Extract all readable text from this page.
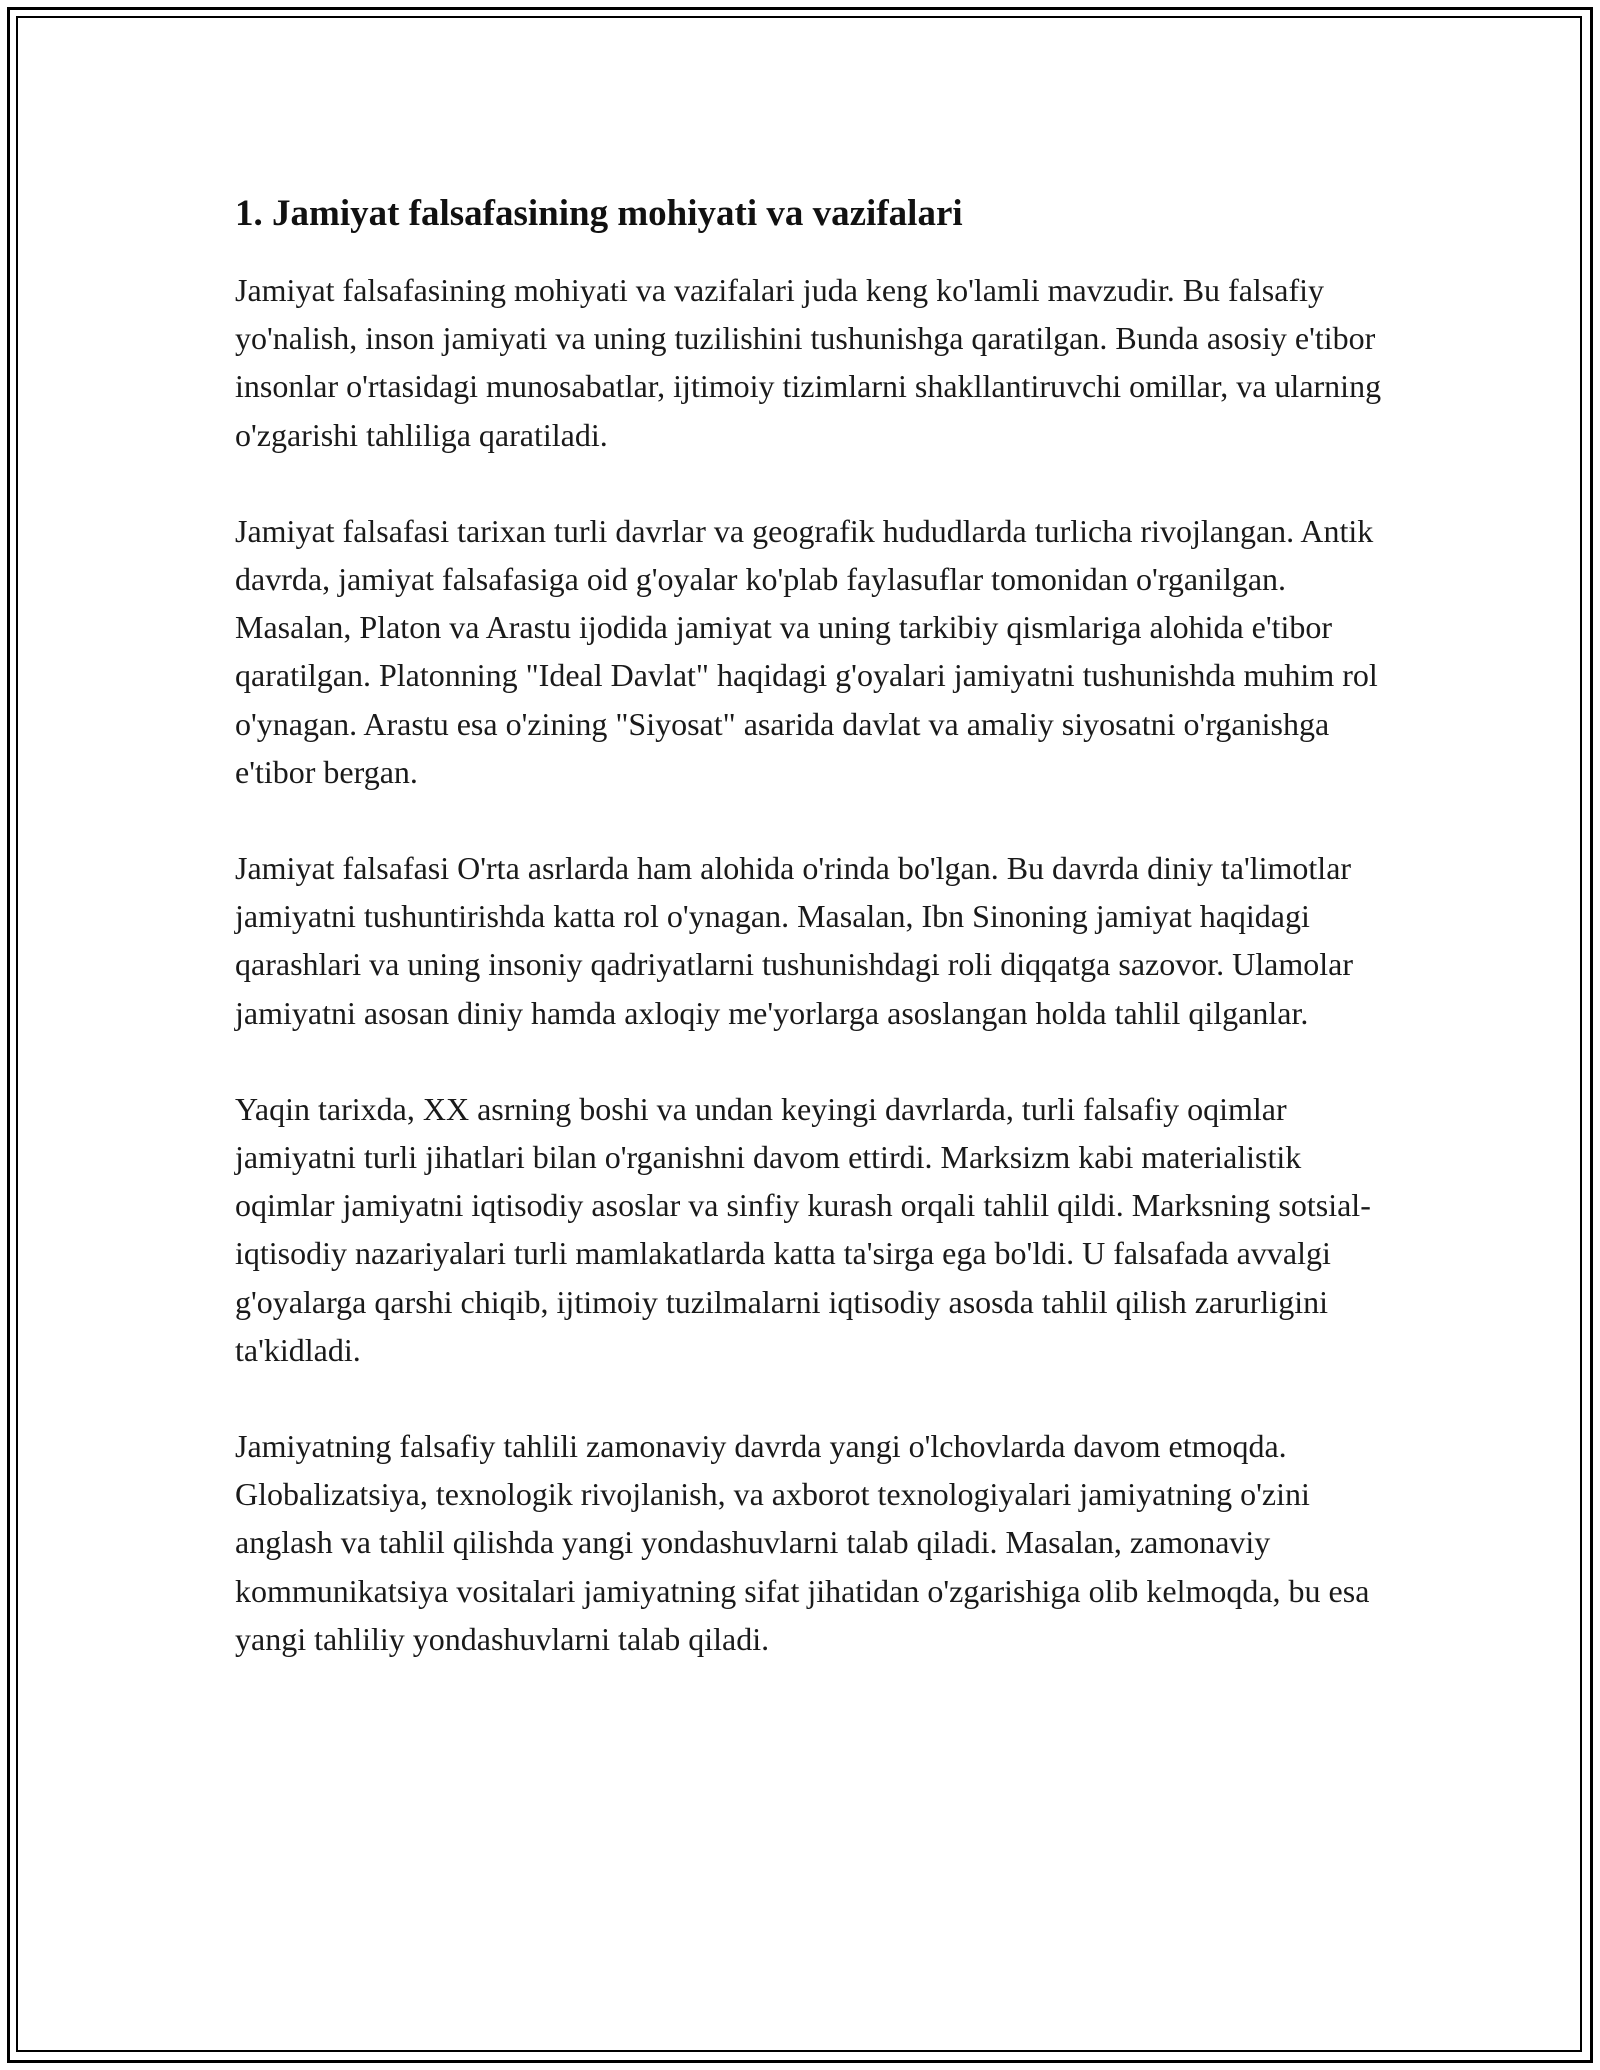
1. Jamiyat falsafasining mohiyati va vazifalari

Jamiyat falsafasining mohiyati va vazifalari juda keng ko'lamli mavzudir. Bu falsafiy yo'nalish, inson jamiyati va uning tuzilishini tushunishga qaratilgan. Bunda asosiy e'tibor insonlar o'rtasidagi munosabatlar, ijtimoiy tizimlarni shakllantiruvchi omillar, va ularning o'zgarishi tahliliga qaratiladi.

Jamiyat falsafasi tarixan turli davrlar va geografik hududlarda turlicha rivojlangan. Antik davrda, jamiyat falsafasiga oid g'oyalar ko'plab faylasuflar tomonidan o'rganilgan. Masalan, Platon va Arastu ijodida jamiyat va uning tarkibiy qismlariga alohida e'tibor qaratilgan. Platonning "Ideal Davlat" haqidagi g'oyalari jamiyatni tushunishda muhim rol o'ynagan. Arastu esa o'zining "Siyosat" asarida davlat va amaliy siyosatni o'rganishga e'tibor bergan.

Jamiyat falsafasi O'rta asrlarda ham alohida o'rinda bo'lgan. Bu davrda diniy ta'limotlar jamiyatni tushuntirishda katta rol o'ynagan. Masalan, Ibn Sinoning jamiyat haqidagi qarashlari va uning insoniy qadriyatlarni tushunishdagi roli diqqatga sazovor. Ulamolar jamiyatni asosan diniy hamda axloqiy me'yorlarga asoslangan holda tahlil qilganlar.

Yaqin tarixda, XX asrning boshi va undan keyingi davrlarda, turli falsafiy oqimlar jamiyatni turli jihatlari bilan o'rganishni davom ettirdi. Marksizm kabi materialistik oqimlar jamiyatni iqtisodiy asoslar va sinfiy kurash orqali tahlil qildi. Marksning sotsial-iqtisodiy nazariyalari turli mamlakatlarda katta ta'sirga ega bo'ldi. U falsafada avvalgi g'oyalarga qarshi chiqib, ijtimoiy tuzilmalarni iqtisodiy asosda tahlil qilish zarurligini ta'kidladi.

Jamiyatning falsafiy tahlili zamonaviy davrda yangi o'lchovlarda davom etmoqda. Globalizatsiya, texnologik rivojlanish, va axborot texnologiyalari jamiyatning o'zini anglash va tahlil qilishda yangi yondashuvlarni talab qiladi. Masalan, zamonaviy kommunikatsiya vositalari jamiyatning sifat jihatidan o'zgarishiga olib kelmoqda, bu esa yangi tahliliy yondashuvlarni talab qiladi.
